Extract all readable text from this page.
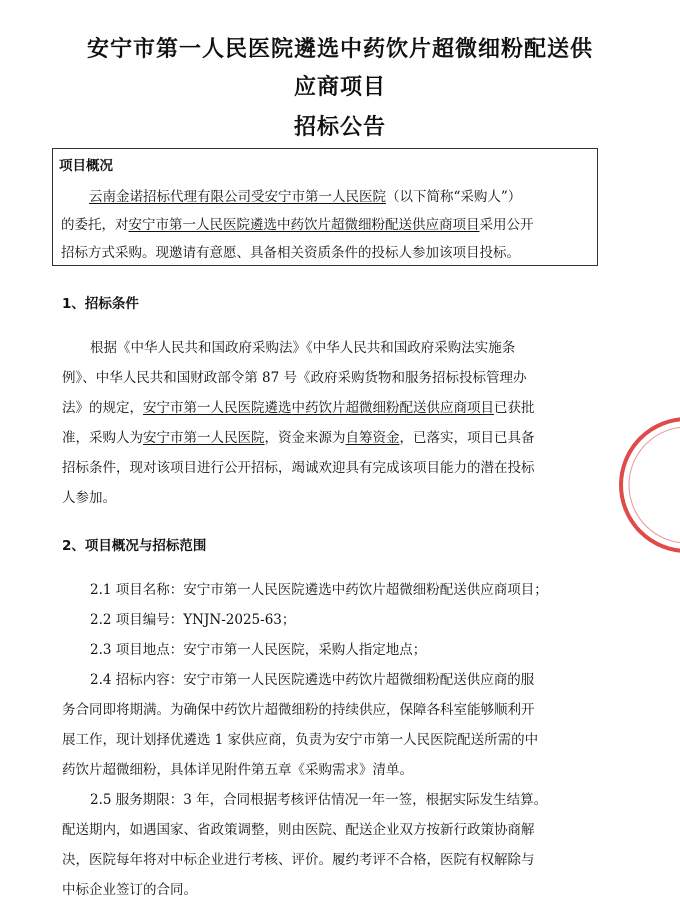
安宁市第一人民医院遴选中药饮片超微细粉配送供
应商项目
招标公告
项目概况
云南金诺招标代理有限公司受安宁市第一人民医院（以下简称“采购人”）
的委托，对安宁市第一人民医院遴选中药饮片超微细粉配送供应商项目采用公开
招标方式采购。现邀请有意愿、具备相关资质条件的投标人参加该项目投标。
1、招标条件
根据《中华人民共和国政府采购法》《中华人民共和国政府采购法实施条
例》、中华人民共和国财政部令第 87 号《政府采购货物和服务招标投标管理办
法》的规定，安宁市第一人民医院遴选中药饮片超微细粉配送供应商项目已获批
准，采购人为安宁市第一人民医院，资金来源为自筹资金，已落实，项目已具备
招标条件，现对该项目进行公开招标，竭诚欢迎具有完成该项目能力的潜在投标
人参加。
2、项目概况与招标范围
2.1 项目名称：安宁市第一人民医院遴选中药饮片超微细粉配送供应商项目；
2.2 项目编号：YNJN-2025-63；
2.3 项目地点：安宁市第一人民医院，采购人指定地点；
2.4 招标内容：安宁市第一人民医院遴选中药饮片超微细粉配送供应商的服
务合同即将期满。为确保中药饮片超微细粉的持续供应，保障各科室能够顺利开
展工作，现计划择优遴选 1 家供应商，负责为安宁市第一人民医院配送所需的中
药饮片超微细粉，具体详见附件第五章《采购需求》清单。
2.5 服务期限：3 年，合同根据考核评估情况一年一签，根据实际发生结算。
配送期内，如遇国家、省政策调整，则由医院、配送企业双方按新行政策协商解
决，医院每年将对中标企业进行考核、评价。履约考评不合格，医院有权解除与
中标企业签订的合同。
